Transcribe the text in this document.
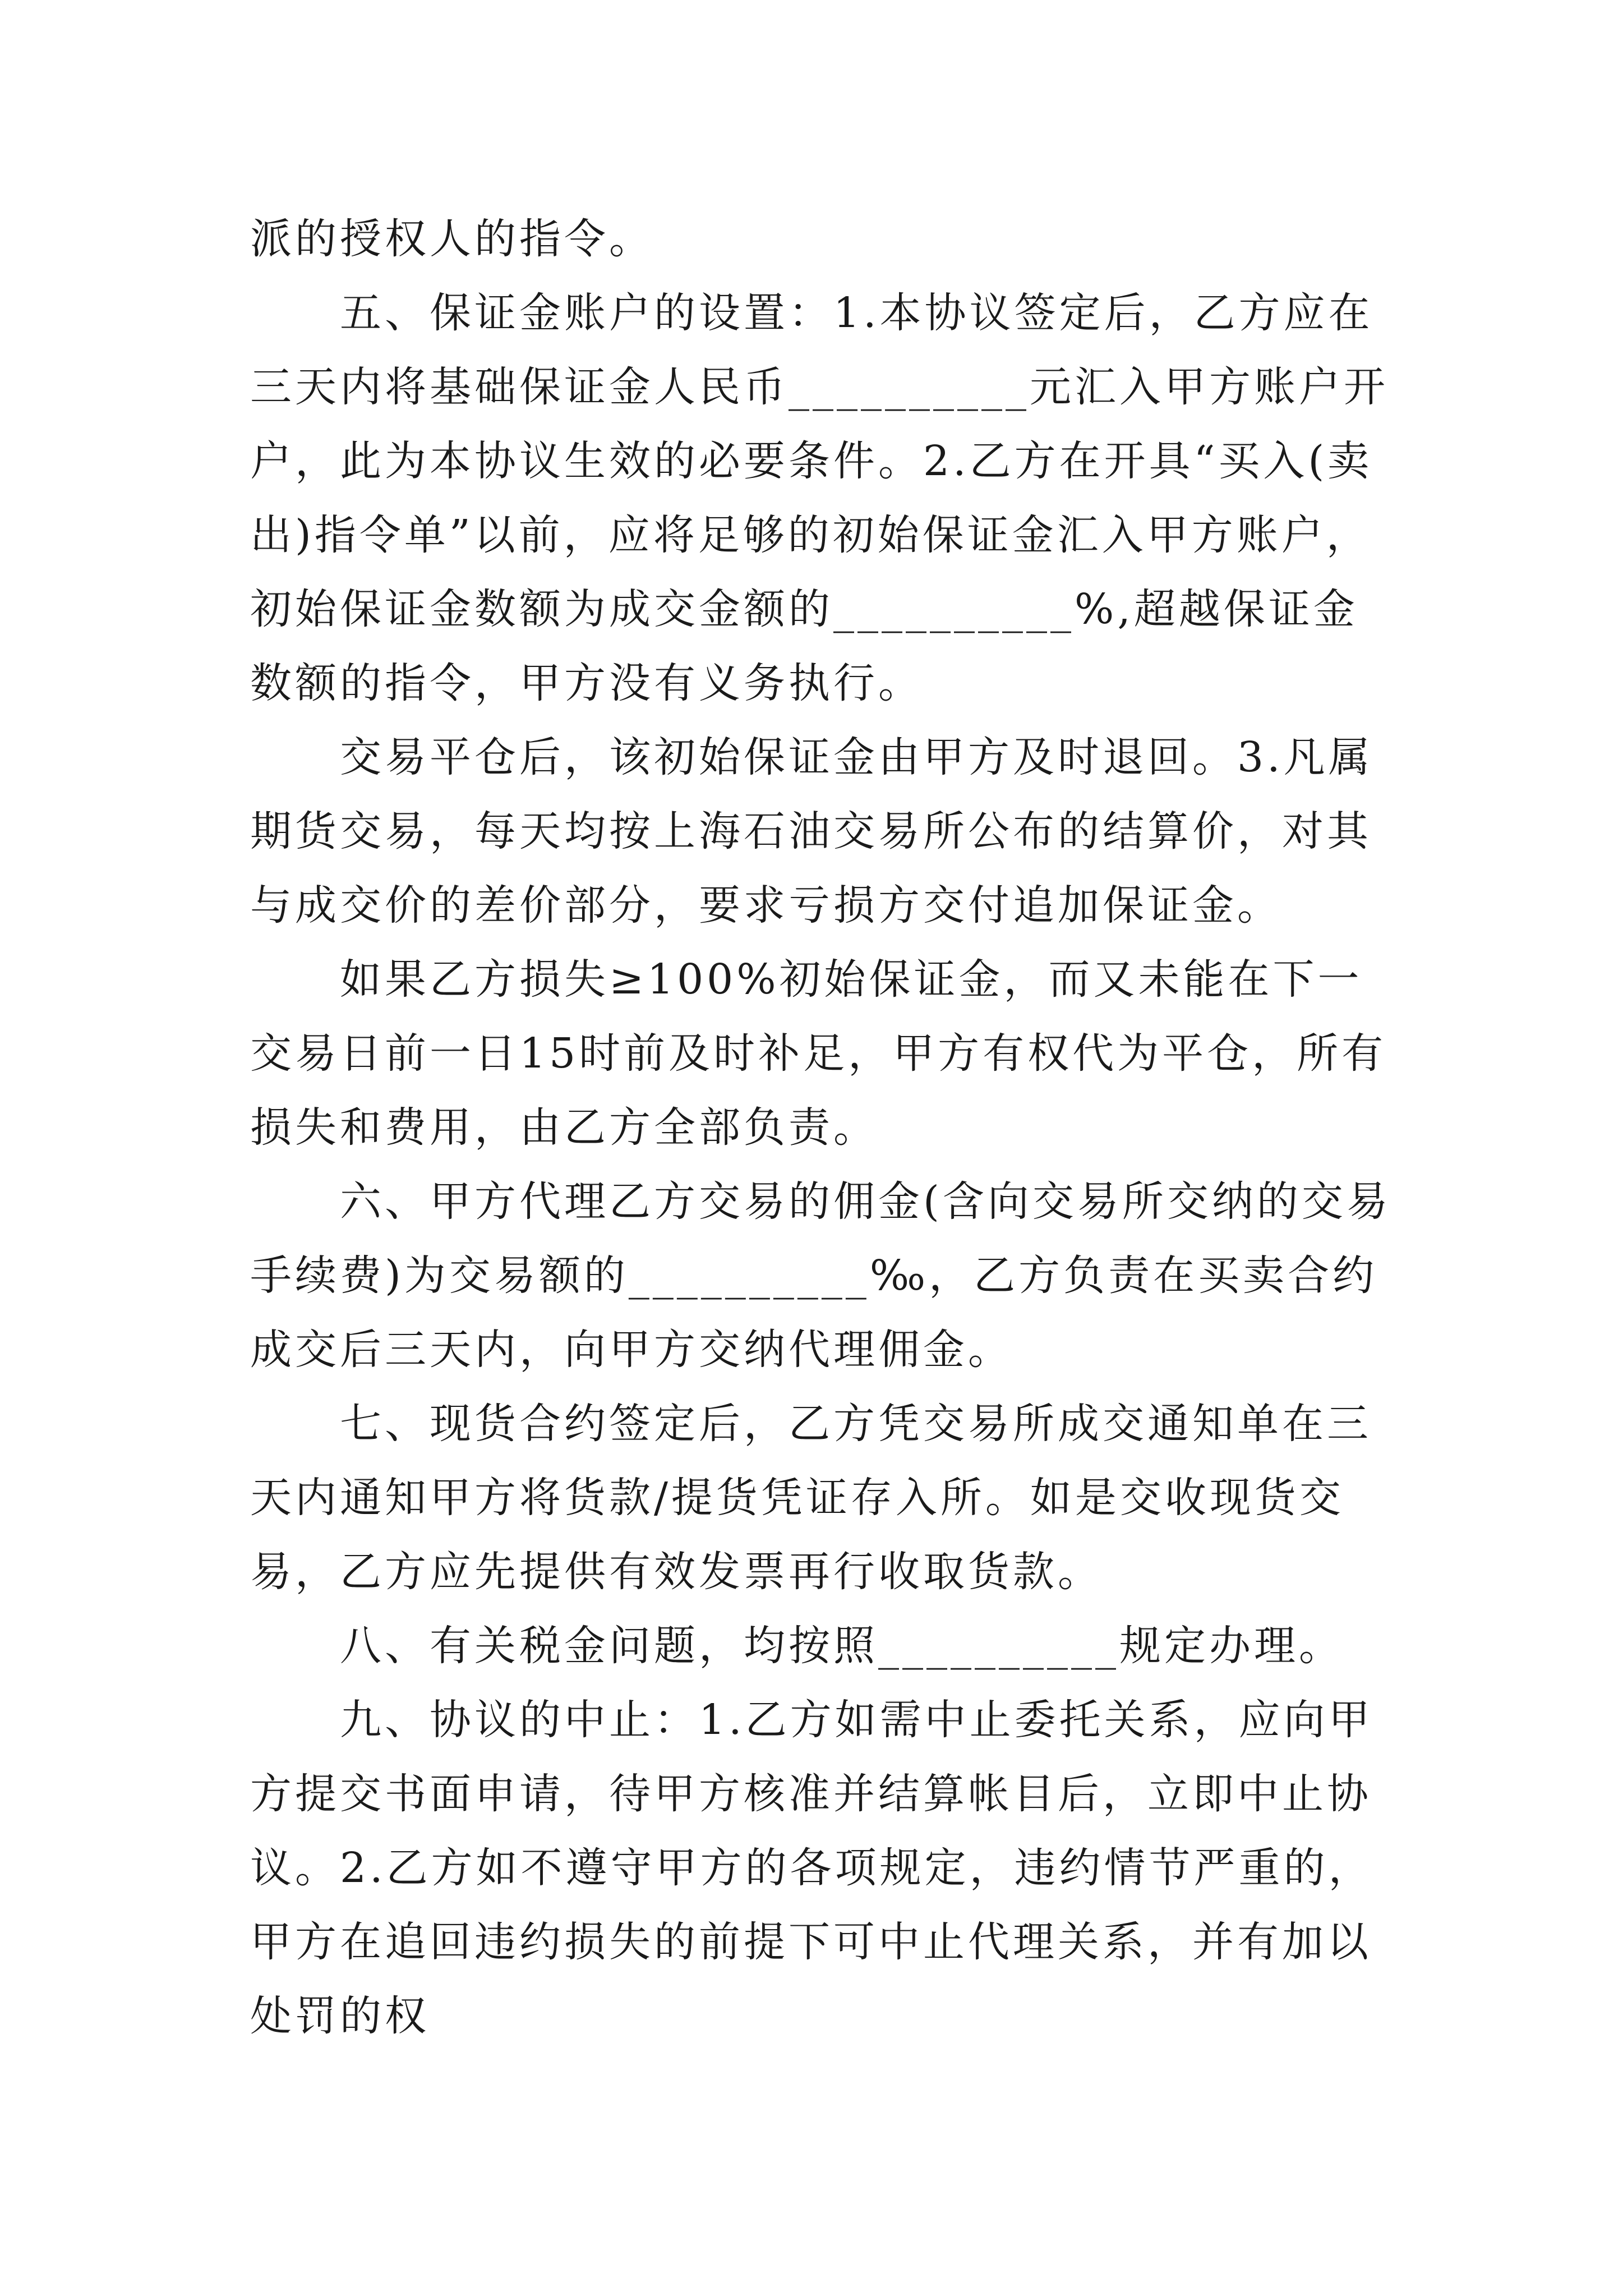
派的授权人的指令。

五、保证金账户的设置：1.本协议签定后，乙方应在三天内将基础保证金人民币__________元汇入甲方账户开户，此为本协议生效的必要条件。2.乙方在开具“买入(卖出)指令单”以前，应将足够的初始保证金汇入甲方账户，初始保证金数额为成交金额的__________%,超越保证金数额的指令，甲方没有义务执行。

交易平仓后，该初始保证金由甲方及时退回。3.凡属期货交易，每天均按上海石油交易所公布的结算价，对其与成交价的差价部分，要求亏损方交付追加保证金。

如果乙方损失≥100%初始保证金，而又未能在下一交易日前一日15时前及时补足，甲方有权代为平仓，所有损失和费用，由乙方全部负责。

六、甲方代理乙方交易的佣金(含向交易所交纳的交易手续费)为交易额的__________‰，乙方负责在买卖合约成交后三天内，向甲方交纳代理佣金。

七、现货合约签定后，乙方凭交易所成交通知单在三天内通知甲方将货款/提货凭证存入所。如是交收现货交易，乙方应先提供有效发票再行收取货款。

八、有关税金问题，均按照__________规定办理。

九、协议的中止：1.乙方如需中止委托关系，应向甲方提交书面申请，待甲方核准并结算帐目后，立即中止协议。2.乙方如不遵守甲方的各项规定，违约情节严重的，甲方在追回违约损失的前提下可中止代理关系，并有加以处罚的权
